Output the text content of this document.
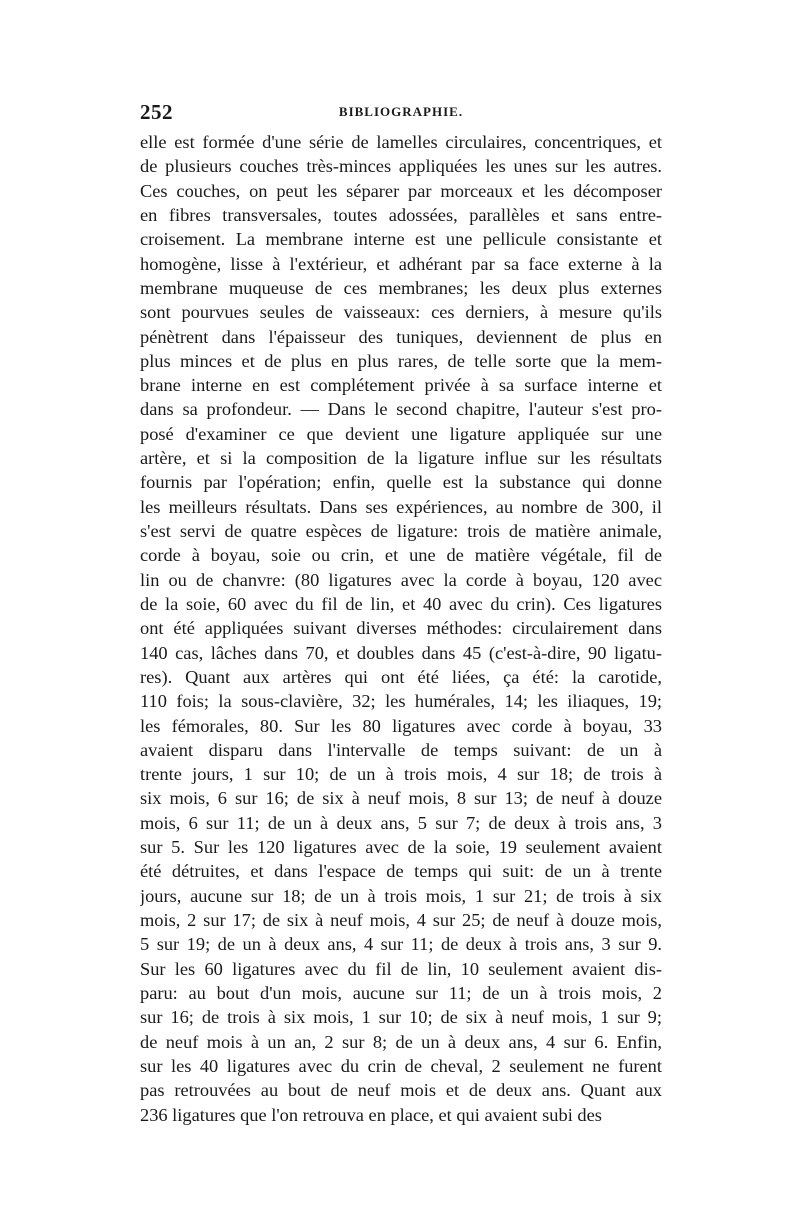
252	BIBLIOGRAPHIE.
elle est formée d'une série de lamelles circulaires, concentriques, et
de plusieurs couches très-minces appliquées les unes sur les autres.
Ces couches, on peut les séparer par morceaux et les décomposer
en fibres transversales, toutes adossées, parallèles et sans entre-
croisement. La membrane interne est une pellicule consistante et
homogène, lisse à l'extérieur, et adhérant par sa face externe à la
membrane muqueuse de ces membranes; les deux plus externes
sont pourvues seules de vaisseaux: ces derniers, à mesure qu'ils
pénètrent dans l'épaisseur des tuniques, deviennent de plus en
plus minces et de plus en plus rares, de telle sorte que la mem-
brane interne en est complétement privée à sa surface interne et
dans sa profondeur. — Dans le second chapitre, l'auteur s'est pro-
posé d'examiner ce que devient une ligature appliquée sur une
artère, et si la composition de la ligature influe sur les résultats
fournis par l'opération; enfin, quelle est la substance qui donne
les meilleurs résultats. Dans ses expériences, au nombre de 300, il
s'est servi de quatre espèces de ligature: trois de matière animale,
corde à boyau, soie ou crin, et une de matière végétale, fil de
lin ou de chanvre: (80 ligatures avec la corde à boyau, 120 avec
de la soie, 60 avec du fil de lin, et 40 avec du crin). Ces ligatures
ont été appliquées suivant diverses méthodes: circulairement dans
140 cas, lâches dans 70, et doubles dans 45 (c'est-à-dire, 90 ligatu-
res). Quant aux artères qui ont été liées, ça été: la carotide,
110 fois; la sous-clavière, 32; les humérales, 14; les iliaques, 19;
les fémorales, 80. Sur les 80 ligatures avec corde à boyau, 33
avaient disparu dans l'intervalle de temps suivant: de un à
trente jours, 1 sur 10; de un à trois mois, 4 sur 18; de trois à
six mois, 6 sur 16; de six à neuf mois, 8 sur 13; de neuf à douze
mois, 6 sur 11; de un à deux ans, 5 sur 7; de deux à trois ans, 3
sur 5. Sur les 120 ligatures avec de la soie, 19 seulement avaient
été détruites, et dans l'espace de temps qui suit: de un à trente
jours, aucune sur 18; de un à trois mois, 1 sur 21; de trois à six
mois, 2 sur 17; de six à neuf mois, 4 sur 25; de neuf à douze mois,
5 sur 19; de un à deux ans, 4 sur 11; de deux à trois ans, 3 sur 9.
Sur les 60 ligatures avec du fil de lin, 10 seulement avaient dis-
paru: au bout d'un mois, aucune sur 11; de un à trois mois, 2
sur 16; de trois à six mois, 1 sur 10; de six à neuf mois, 1 sur 9;
de neuf mois à un an, 2 sur 8; de un à deux ans, 4 sur 6. Enfin,
sur les 40 ligatures avec du crin de cheval, 2 seulement ne furent
pas retrouvées au bout de neuf mois et de deux ans. Quant aux
236 ligatures que l'on retrouva en place, et qui avaient subi des
